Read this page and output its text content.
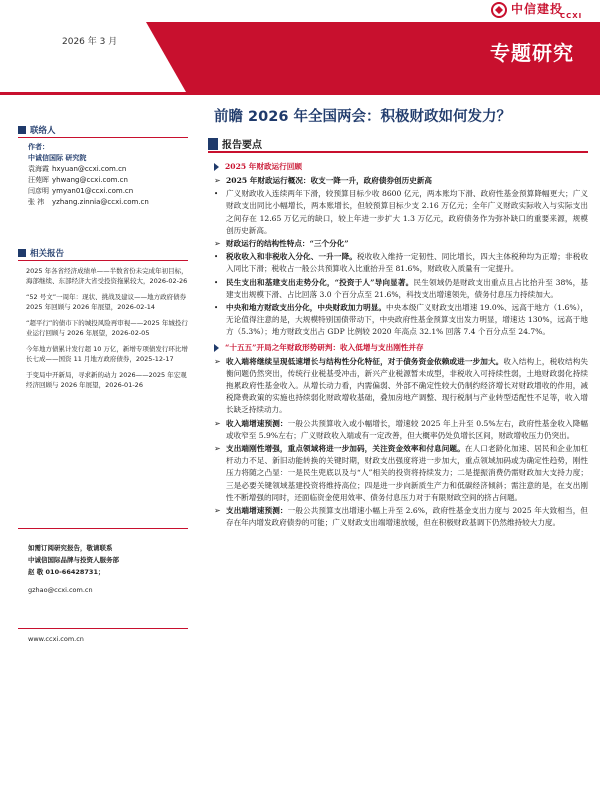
2026 年 3 月	专题研究
中信建投
CCXI
联络人
作者：
中诚信国际 研究院
袁海霞 hxyuan@ccxi.com.cn
汪苑晖 yhwang@ccxi.com.cn
闫彦明 ymyan01@ccxi.com.cn
张 祎	yzhang.zinnia@ccxi.com.cn
相关报告
2025 年各省经济成绩单——半数省份未完成年初目标，海部继续、东部经济大省受投资拖累较大，2026-02-26
“52 号文”一周年：现状、挑战及建议——地方政府债券 2025 年回顾与 2026 年展望，2026-02-14
“超平行”的债市下的城投风险再审视——2025 年城投行业运行回顾与 2026 年展望，2026-02-05
今年地方债累计发行超 10 万亿，新增专项债发行环比增长七成——国资 11 月地方政府债券，2025-12-17
于变局中开新局，寻求新的动力 2026——2025 年宏观经济回顾与 2026 年展望，2026-01-26
如需订阅研究报告，敬请联系
中诚信国际品牌与投资人服务部
赵 敬 010-66428731；
gzhao@ccxi.com.cn
www.ccxi.com.cn
前瞻 2026 年全国两会：积极财政如何发力？
报告要点
2025 年财政运行回顾
➢ 2025 年财政运行概况：收支一降一升，政府债券创历史新高
• 广义财政收入连续两年下滑，较预算目标少收 8600 亿元，两本账均下滑、政府性基金预算降幅更大；广义财政支出同比小幅增长，两本账增长，但较预算目标少支 2.16 万亿元；全年广义财政实际收入与实际支出之间存在 12.65 万亿元的缺口，较上年进一步扩大 1.3 万亿元，政府债务作为弥补缺口的重要来源，规模创历史新高。
➢ 财政运行的结构性特点：“三个分化”
• 税收收入和非税收入分化、一升一降。税收收入维持一定韧性、同比增长，四大主体税种均为正增；非税收入同比下滑；税收占一般公共预算收入比重抬升至 81.6%，财政收入质量有一定提升。
• 民生支出和基建支出走势分化，“投资于人”导向显著。民生领域仍是财政支出重点且占比抬升至 38%，基建支出规模下滑、占比回落 3.0 个百分点至 21.6%，科技支出增速领先，债务付息压力持续加大。
• 中央和地方财政支出分化，中央财政加力明显。中央本级广义财政支出增速 19.0%、远高于地方（1.6%），无论值得注意的是，大规模特别国债带动下，中央政府性基金预算支出发力明显，增速达 130%，远高于地方（5.3%）；地方财政支出占 GDP 比例较 2020 年高点 32.1% 回落 7.4 个百分点至 24.7%。
“十五五”开局之年财政形势研判：收入低增与支出刚性并存
➢ 收入端将继续呈现低速增长与结构性分化特征，对于债务资金依赖或进一步加大。收入结构上，税收结构失衡问题仍然突出，传统行业税基受冲击，新兴产业税源暂未成型，非税收入可持续性弱，土地财政弱化持续拖累政府性基金收入。从增长动力看，内需偏弱、外部不确定性较大仍制约经济增长对财政增收的作用，减税降费政策的实施也持续弱化财政增收基础，叠加房地产调整、现行税制与产业转型适配性不足等，收入增长缺乏持续动力。
➢ 收入端增速预测：一般公共预算收入或小幅增长，增速较 2025 年上升至 0.5%左右，政府性基金收入降幅或收窄至 5.9%左右；广义财政收入端或有一定改善，但大概率仍处负增长区间，财政增收压力仍突出。
➢ 支出端刚性增强，重点领域将进一步加码，关注资金效率和付息问题。在人口老龄化加速、居民和企业加杠杆动力不足、新旧动能转换的关键时期，财政支出强度将进一步加大，重点领域加码或为确定性趋势，刚性压力将随之凸显：一是民生兜底以及与“人”相关的投资将持续发力；二是提振消费仍需财政加大支持力度；三是必要关键领域基建投资将维持高位；四是进一步向新质生产力和低碳经济倾斜；需注意的是，在支出刚性不断增强的同时，还面临资金使用效率、债务付息压力对于有限财政空间的挤占问题。
➢ 支出端增速预测：一般公共预算支出增速小幅上升至 2.6%，政府性基金支出力度与 2025 年大致相当，但存在年内增发政府债券的可能；广义财政支出端增速放缓，但在积极财政基调下仍然维持较大力度。
